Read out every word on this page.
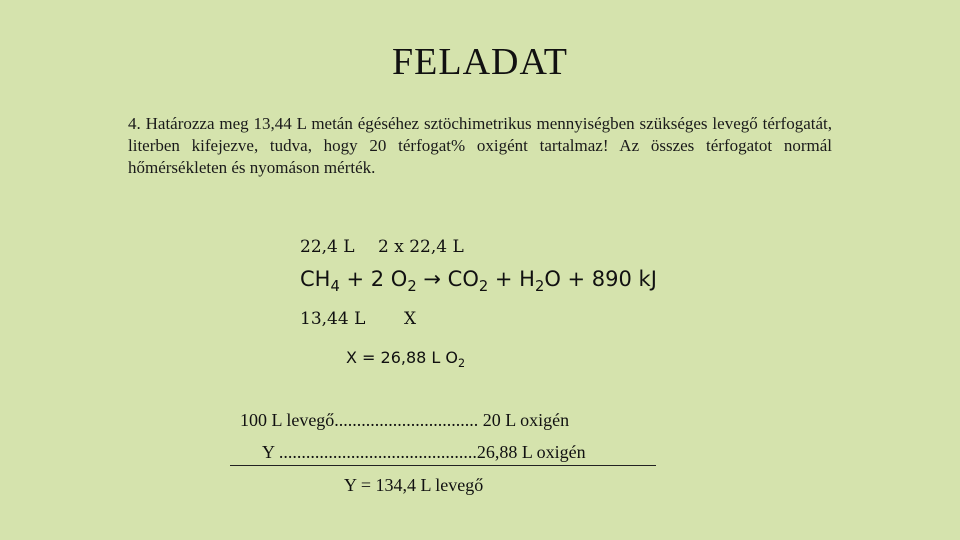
FELADAT
4. Határozza meg 13,44 L metán égéséhez sztöchimetrikus mennyiségben szükséges levegő térfogatát, literben kifejezve, tudva, hogy 20 térfogat% oxigént tartalmaz! Az összes térfogatot normál hőmérsékleten és nyomáson mérték.
22,4 L 2 x 22,4 L
$CH_4 + 2$ $O_2 \to CO_2 + H_2O + 890$ kJ
13,44 L X
X = 26,88 L $O_2$
100 L levegő................................ 20 L oxigén
Y ............................................26,88 L oxigén
Y = 134,4 L levegő
